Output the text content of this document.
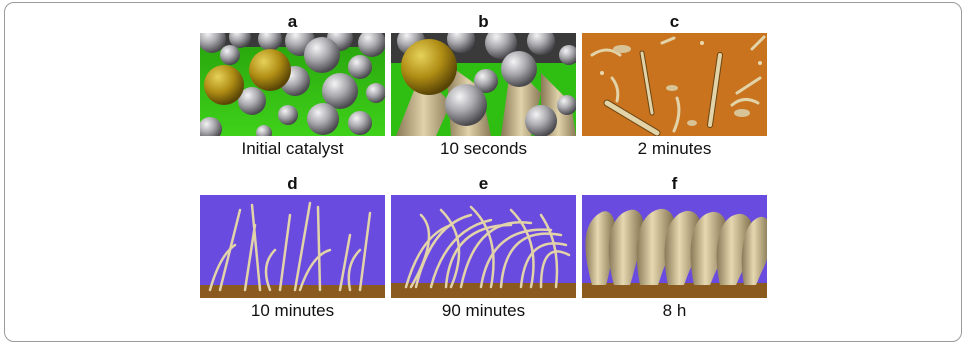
a
Initial catalyst
b
10 seconds
c
2 minutes
d
10 minutes
e
90 minutes
f
8 h
